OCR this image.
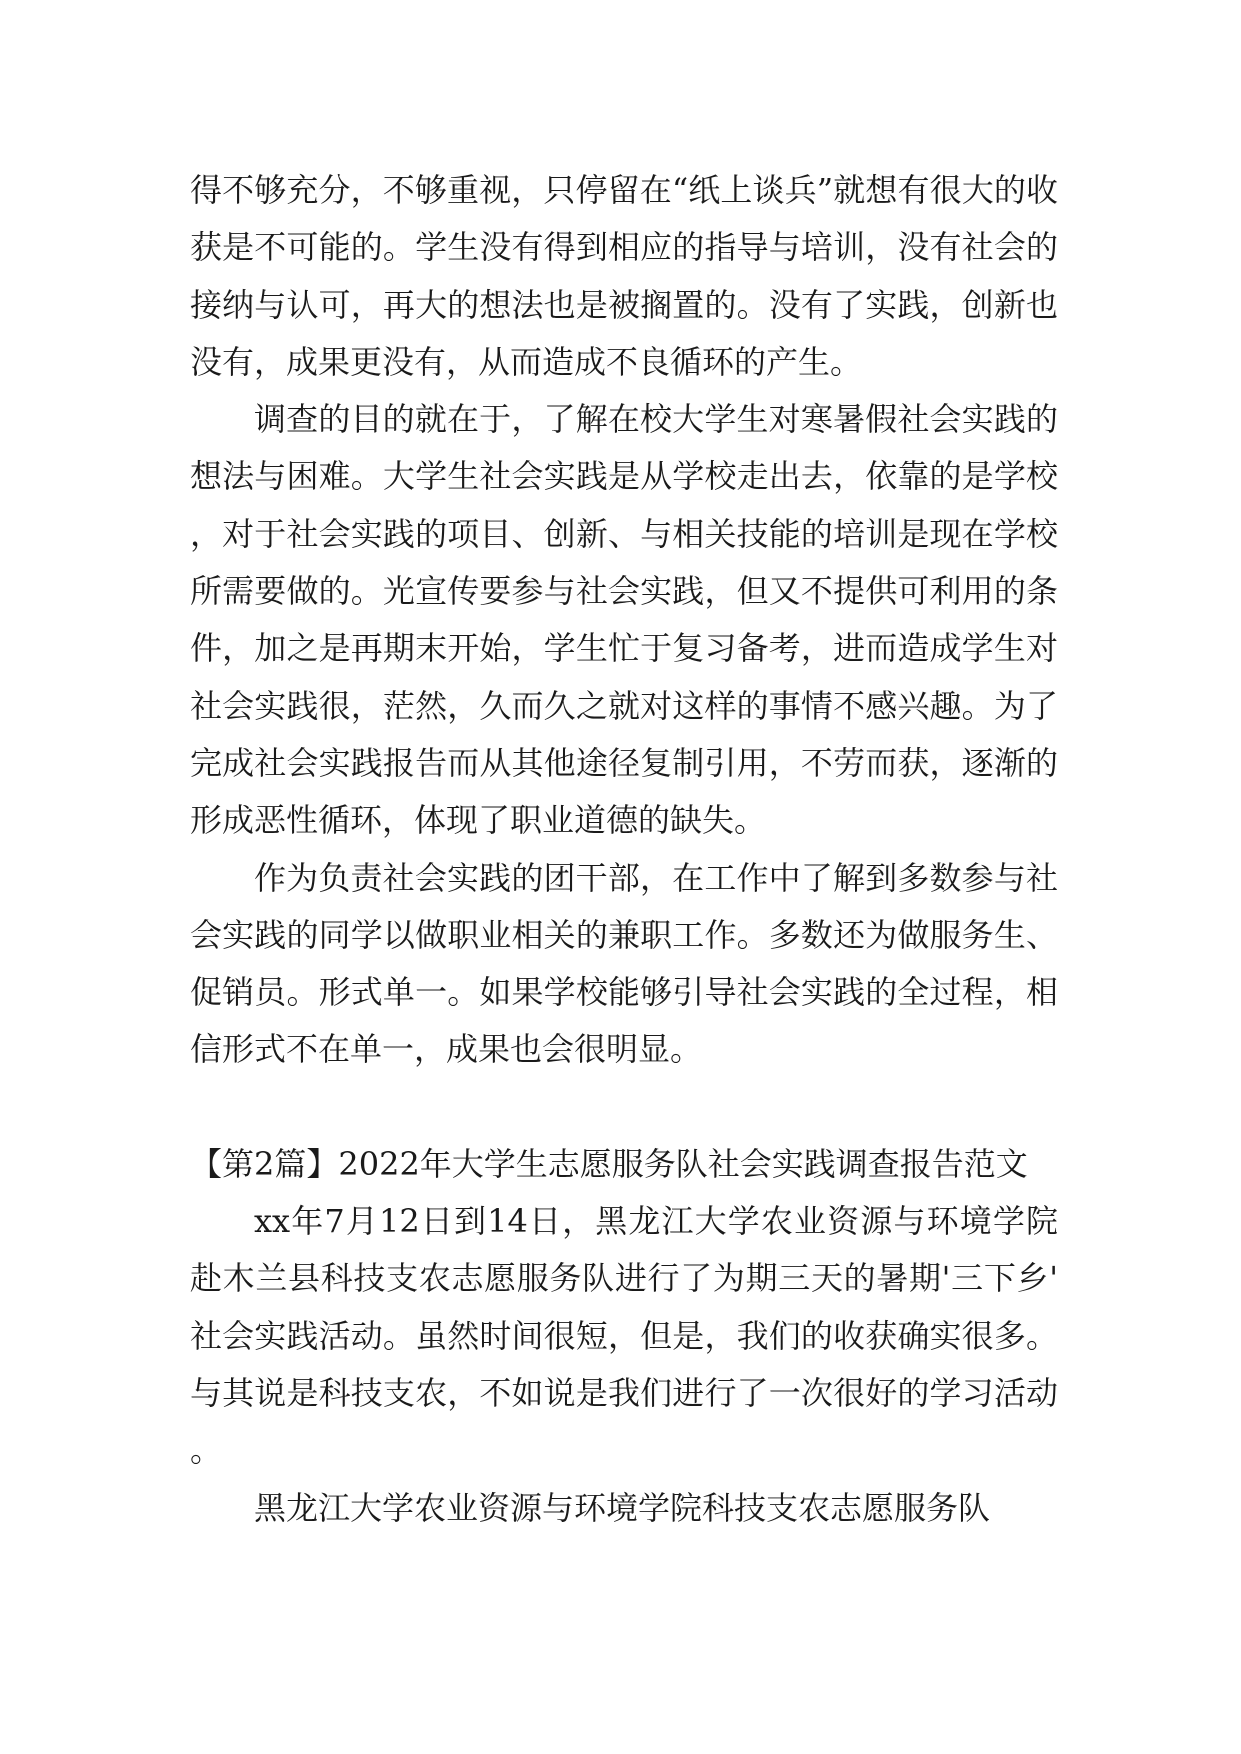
得不够充分，不够重视，只停留在“纸上谈兵”就想有很大的收获是不可能的。学生没有得到相应的指导与培训，没有社会的接纳与认可，再大的想法也是被搁置的。没有了实践，创新也没有，成果更没有，从而造成不良循环的产生。

调查的目的就在于，了解在校大学生对寒暑假社会实践的想法与困难。大学生社会实践是从学校走出去，依靠的是学校，对于社会实践的项目、创新、与相关技能的培训是现在学校所需要做的。光宣传要参与社会实践，但又不提供可利用的条件，加之是再期末开始，学生忙于复习备考，进而造成学生对社会实践很，茫然，久而久之就对这样的事情不感兴趣。为了完成社会实践报告而从其他途径复制引用，不劳而获，逐渐的形成恶性循环，体现了职业道德的缺失。

作为负责社会实践的团干部，在工作中了解到多数参与社会实践的同学以做职业相关的兼职工作。多数还为做服务生、促销员。形式单一。如果学校能够引导社会实践的全过程，相信形式不在单一，成果也会很明显。

【第2篇】2022年大学生志愿服务队社会实践调查报告范文

xx年7月12日到14日，黑龙江大学农业资源与环境学院赴木兰县科技支农志愿服务队进行了为期三天的暑期'三下乡'社会实践活动。虽然时间很短，但是，我们的收获确实很多。与其说是科技支农，不如说是我们进行了一次很好的学习活动。

黑龙江大学农业资源与环境学院科技支农志愿服务队
